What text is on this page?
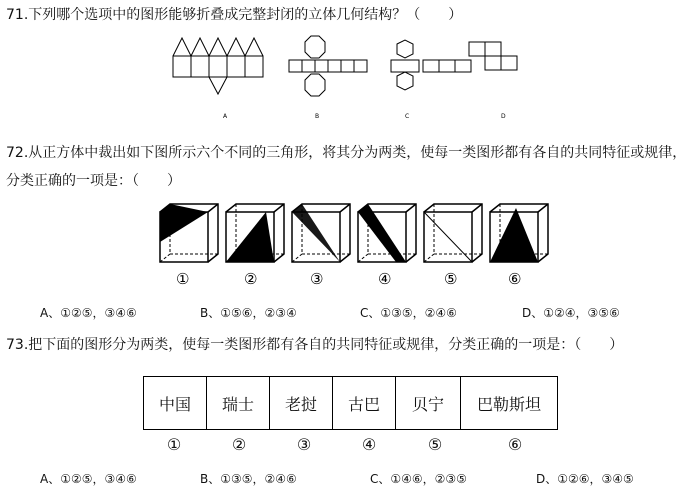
71.下列哪个选项中的图形能够折叠成完整封闭的立体几何结构？（　　）
A	B	C	D
72.从正方体中裁出如下图所示六个不同的三角形，将其分为两类，使每一类图形都有各自的共同特征或规律，
分类正确的一项是：（　　）
①	②	③	④	⑤	⑥
A、①②⑤，③④⑥	B、①⑤⑥，②③④	C、①③⑤，②④⑥	D、①②④，③⑤⑥
73.把下面的图形分为两类，使每一类图形都有各自的共同特征或规律，分类正确的一项是：（　　）
中国	瑞士	老挝	古巴	贝宁	巴勒斯坦
①	②	③	④	⑤	⑥
A、①②⑤，③④⑥	B、①③⑤，②④⑥	C、①④⑥，②③⑤	D、①②⑥，③④⑤
